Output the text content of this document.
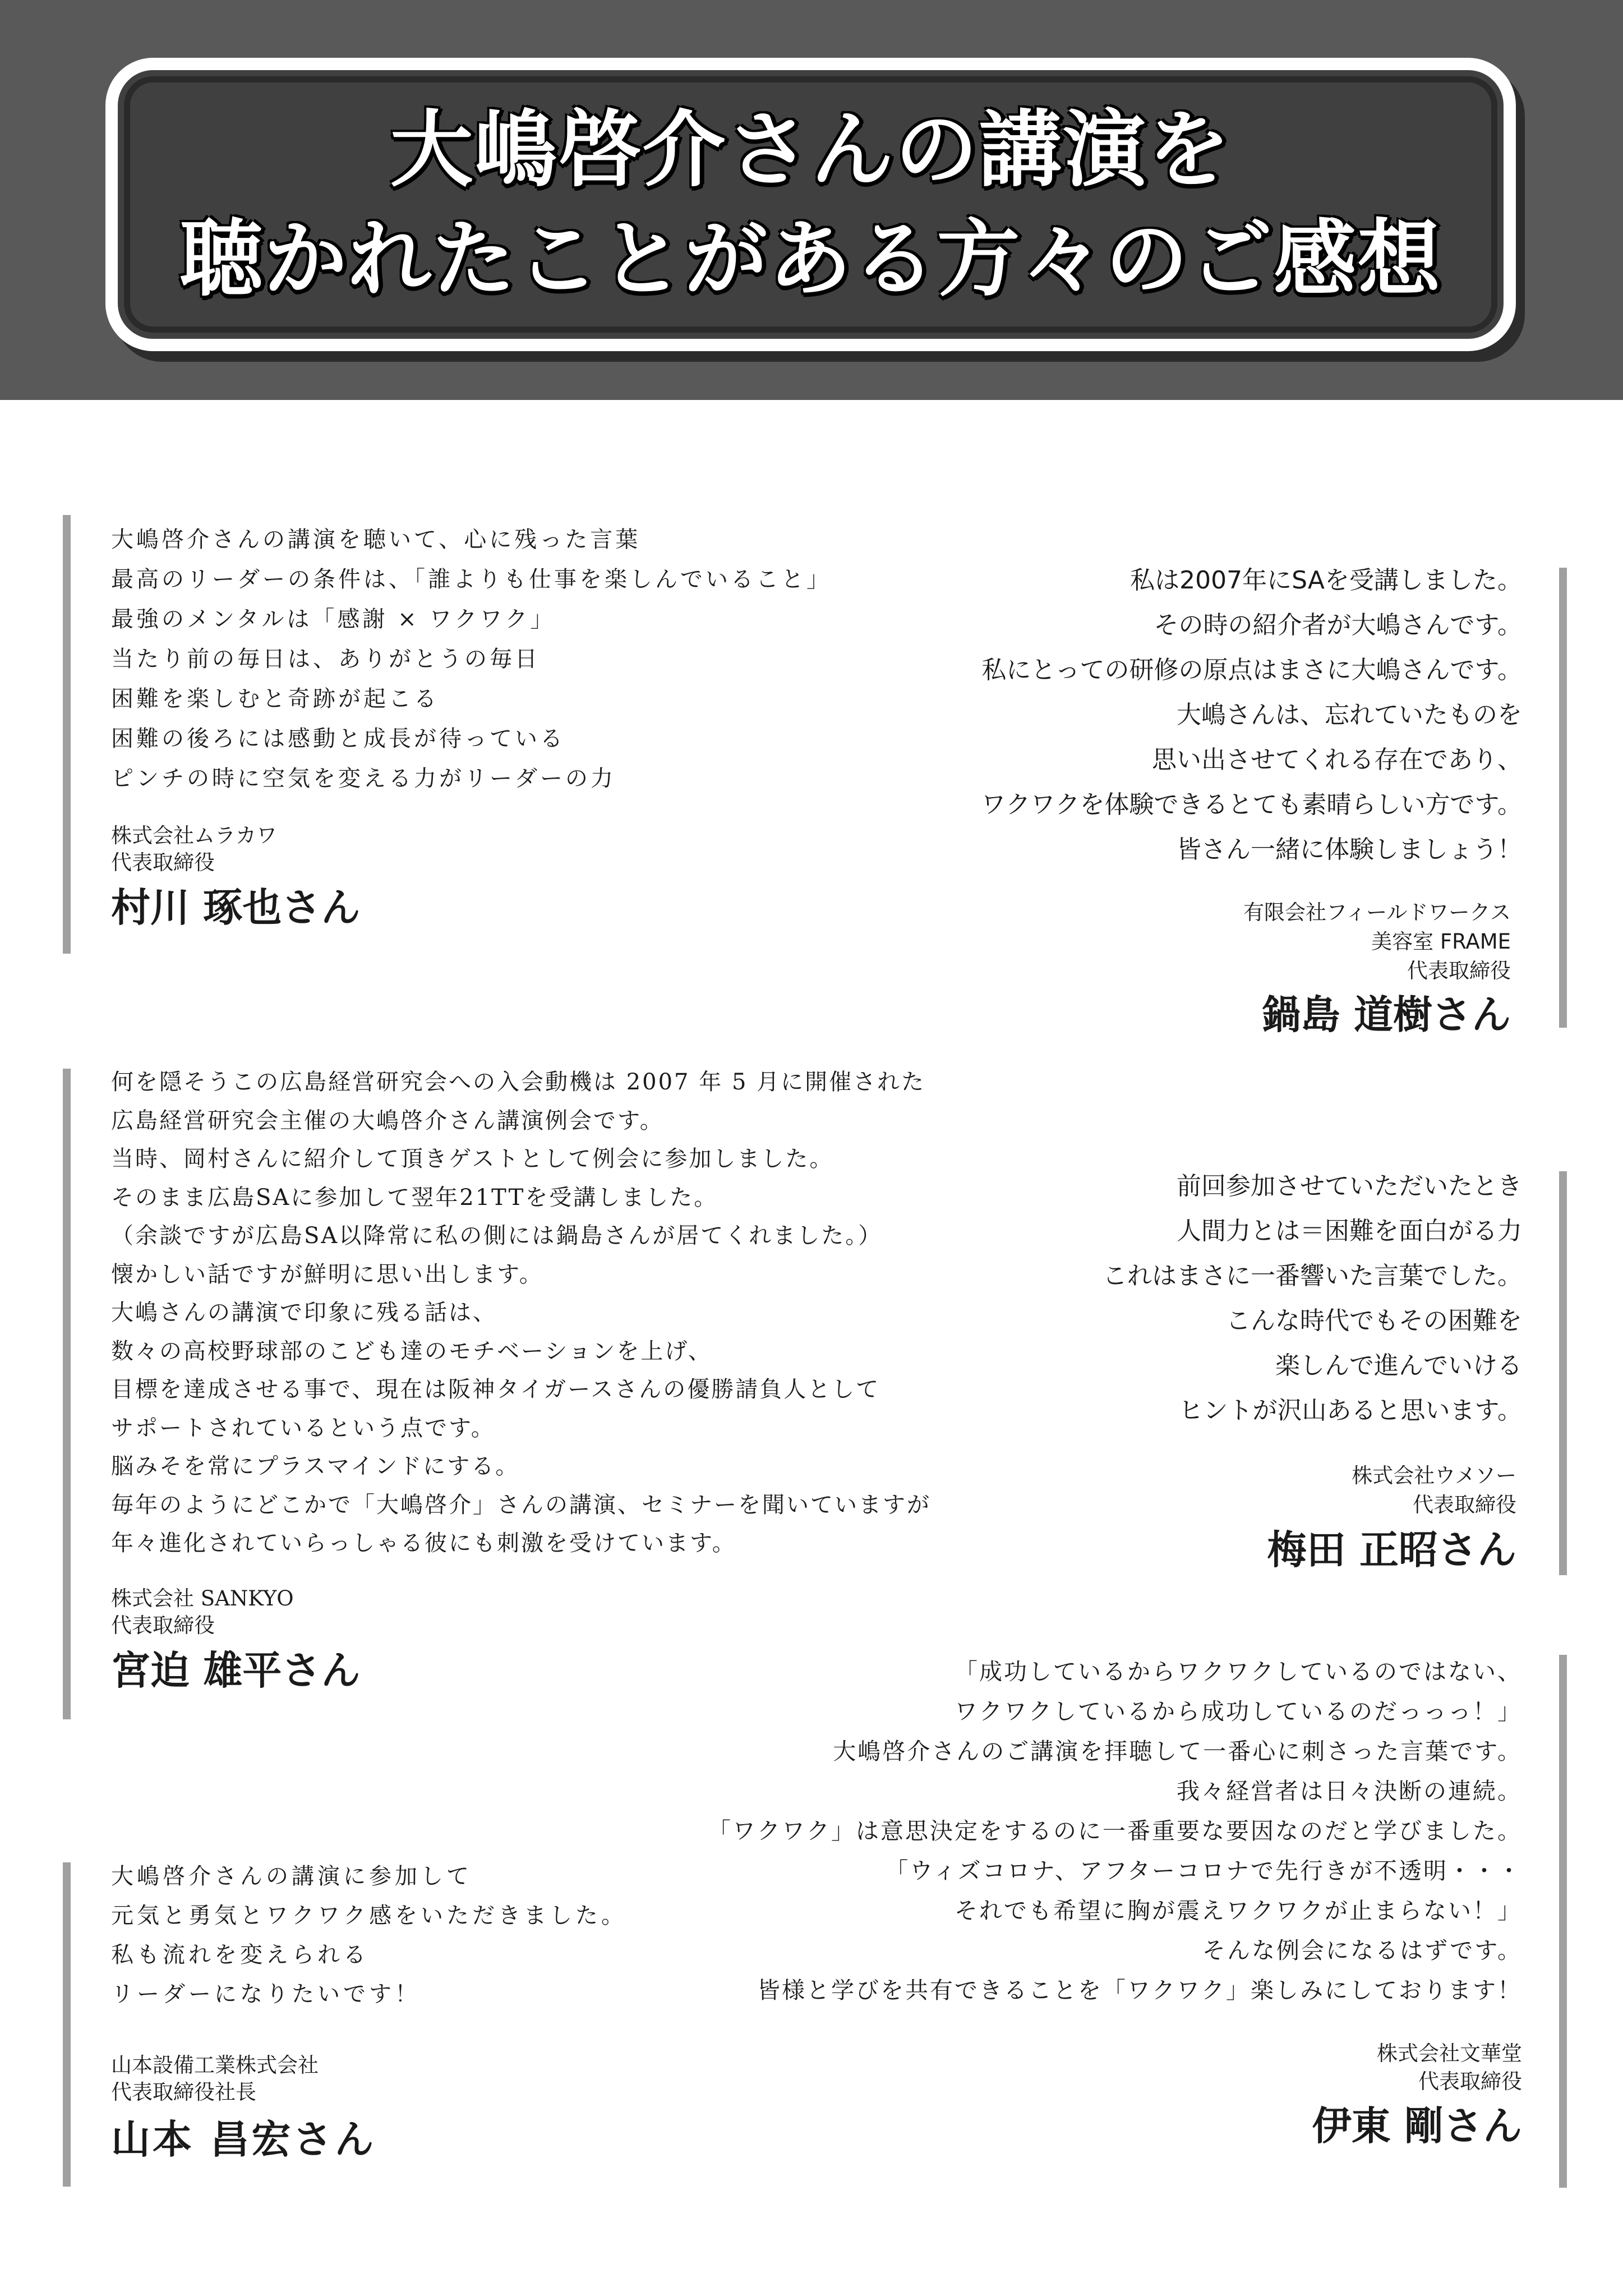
大嶋啓介さんの講演を
聴かれたことがある方々のご感想
大嶋啓介さんの講演を聴いて、心に残った言葉
最高のリーダーの条件は、「誰よりも仕事を楽しんでいること」
最強のメンタルは「感謝 × ワクワク」
当たり前の毎日は、ありがとうの毎日
困難を楽しむと奇跡が起こる
困難の後ろには感動と成長が待っている
ピンチの時に空気を変える力がリーダーの力
株式会社ムラカワ
代表取締役
村川 琢也さん
私は2007年にSAを受講しました。
その時の紹介者が大嶋さんです。
私にとっての研修の原点はまさに大嶋さんです。
大嶋さんは、忘れていたものを
思い出させてくれる存在であり、
ワクワクを体験できるとても素晴らしい方です。
皆さん一緒に体験しましょう！
有限会社フィールドワークス
美容室 FRAME
代表取締役
鍋島 道樹さん
何を隠そうこの広島経営研究会への入会動機は 2007 年 5 月に開催された
広島経営研究会主催の大嶋啓介さん講演例会です。
当時、岡村さんに紹介して頂きゲストとして例会に参加しました。
そのまま広島SAに参加して翌年21TTを受講しました。
（余談ですが広島SA以降常に私の側には鍋島さんが居てくれました。）
懐かしい話ですが鮮明に思い出します。
大嶋さんの講演で印象に残る話は、
数々の高校野球部のこども達のモチベーションを上げ、
目標を達成させる事で、現在は阪神タイガースさんの優勝請負人として
サポートされているという点です。
脳みそを常にプラスマインドにする。
毎年のようにどこかで「大嶋啓介」さんの講演、セミナーを聞いていますが
年々進化されていらっしゃる彼にも刺激を受けています。
株式会社 SANKYO
代表取締役
宮迫 雄平さん
前回参加させていただいたとき
人間力とは＝困難を面白がる力
これはまさに一番響いた言葉でした。
こんな時代でもその困難を
楽しんで進んでいける
ヒントが沢山あると思います。
株式会社ウメソー
代表取締役
梅田 正昭さん
「成功しているからワクワクしているのではない、
ワクワクしているから成功しているのだっっっ！」
大嶋啓介さんのご講演を拝聴して一番心に刺さった言葉です。
我々経営者は日々決断の連続。
「ワクワク」は意思決定をするのに一番重要な要因なのだと学びました。
「ウィズコロナ、アフターコロナで先行きが不透明・・・
それでも希望に胸が震えワクワクが止まらない！」
そんな例会になるはずです。
皆様と学びを共有できることを「ワクワク」楽しみにしております！
株式会社文華堂
代表取締役
伊東 剛さん
大嶋啓介さんの講演に参加して
元気と勇気とワクワク感をいただきました。
私も流れを変えられる
リーダーになりたいです！
山本設備工業株式会社
代表取締役社長
山本 昌宏さん
